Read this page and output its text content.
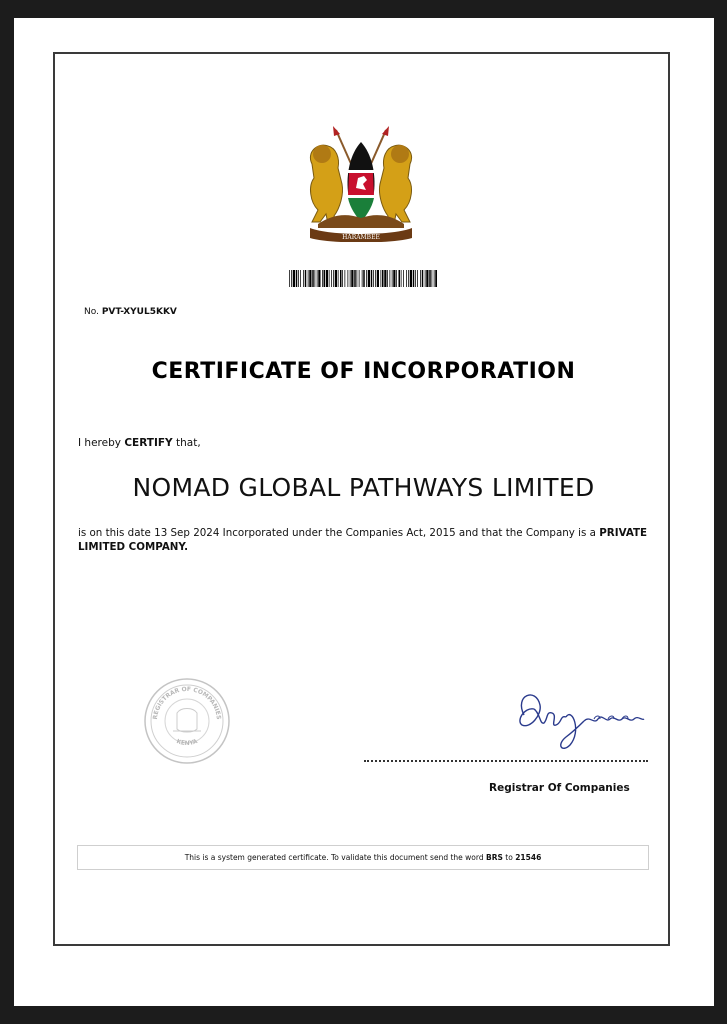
HARAMBEE
No. PVT-XYUL5KKV
CERTIFICATE OF INCORPORATION
I hereby CERTIFY that,
NOMAD GLOBAL PATHWAYS LIMITED
is on this date 13 Sep 2024 Incorporated under the Companies Act, 2015 and that the Company is a PRIVATE LIMITED COMPANY.
REGISTRAR OF COMPANIES
KENYA
Registrar Of Companies
This is a system generated certificate. To validate this document send the word BRS to 21546
